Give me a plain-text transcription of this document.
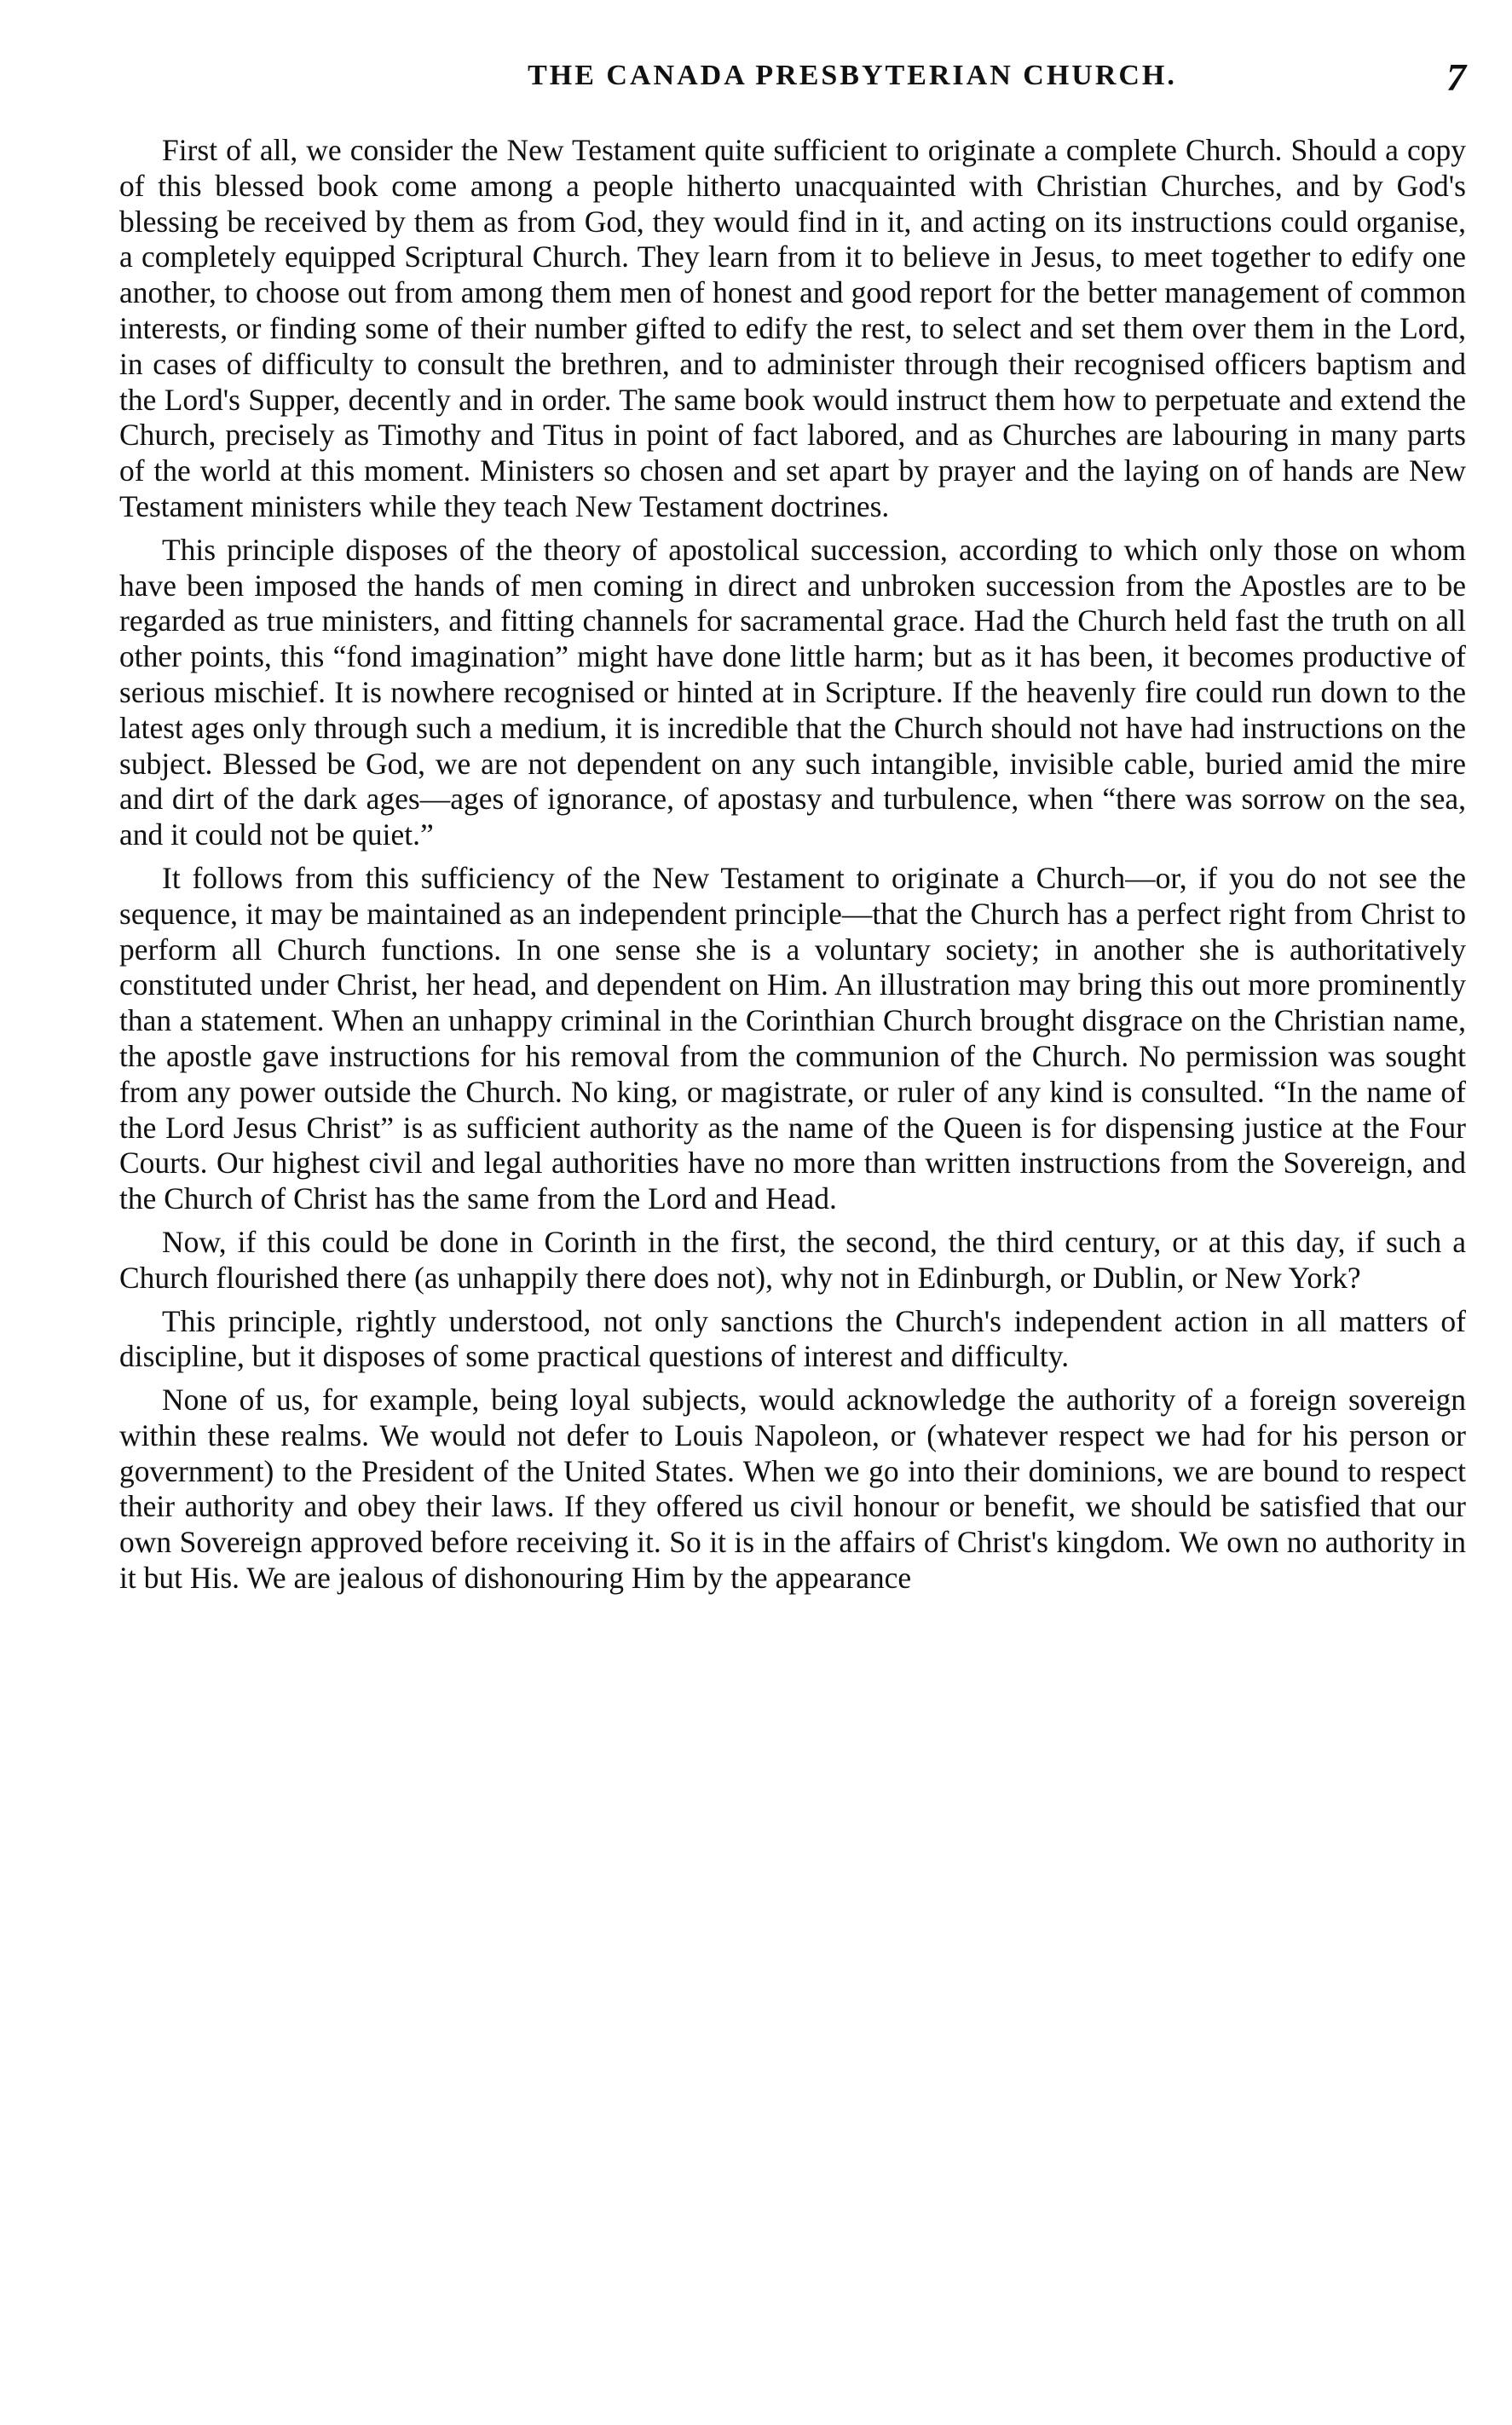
THE CANADA PRESBYTERIAN CHURCH.	7

First of all, we consider the New Testament quite sufficient to originate a complete Church. Should a copy of this blessed book come among a people hitherto unacquainted with Christian Churches, and by God's blessing be received by them as from God, they would find in it, and acting on its instructions could organise, a completely equipped Scriptural Church. They learn from it to believe in Jesus, to meet together to edify one another, to choose out from among them men of honest and good report for the better management of common interests, or finding some of their number gifted to edify the rest, to select and set them over them in the Lord, in cases of difficulty to consult the brethren, and to administer through their recognised officers baptism and the Lord's Supper, decently and in order. The same book would instruct them how to perpetuate and extend the Church, precisely as Timothy and Titus in point of fact labored, and as Churches are labouring in many parts of the world at this moment. Ministers so chosen and set apart by prayer and the laying on of hands are New Testament ministers while they teach New Testament doctrines.

This principle disposes of the theory of apostolical succession, according to which only those on whom have been imposed the hands of men coming in direct and unbroken succession from the Apostles are to be regarded as true ministers, and fitting channels for sacramental grace. Had the Church held fast the truth on all other points, this “fond imagination” might have done little harm; but as it has been, it becomes productive of serious mischief. It is nowhere recognised or hinted at in Scripture. If the heavenly fire could run down to the latest ages only through such a medium, it is incredible that the Church should not have had instructions on the subject. Blessed be God, we are not dependent on any such intangible, invisible cable, buried amid the mire and dirt of the dark ages—ages of ignorance, of apostasy and turbulence, when “there was sorrow on the sea, and it could not be quiet.”

It follows from this sufficiency of the New Testament to originate a Church—or, if you do not see the sequence, it may be maintained as an independent principle—that the Church has a perfect right from Christ to perform all Church functions. In one sense she is a voluntary society; in another she is authoritatively constituted under Christ, her head, and dependent on Him. An illustration may bring this out more prominently than a statement. When an unhappy criminal in the Corinthian Church brought disgrace on the Christian name, the apostle gave instructions for his removal from the communion of the Church. No permission was sought from any power outside the Church. No king, or magistrate, or ruler of any kind is consulted. “In the name of the Lord Jesus Christ” is as sufficient authority as the name of the Queen is for dispensing justice at the Four Courts. Our highest civil and legal authorities have no more than written instructions from the Sovereign, and the Church of Christ has the same from the Lord and Head.

Now, if this could be done in Corinth in the first, the second, the third century, or at this day, if such a Church flourished there (as unhappily there does not), why not in Edinburgh, or Dublin, or New York?

This principle, rightly understood, not only sanctions the Church's independent action in all matters of discipline, but it disposes of some practical questions of interest and difficulty.

None of us, for example, being loyal subjects, would acknowledge the authority of a foreign sovereign within these realms. We would not defer to Louis Napoleon, or (whatever respect we had for his person or government) to the President of the United States. When we go into their dominions, we are bound to respect their authority and obey their laws. If they offered us civil honour or benefit, we should be satisfied that our own Sovereign approved before receiving it. So it is in the affairs of Christ's kingdom. We own no authority in it but His. We are jealous of dishonouring Him by the appearance
